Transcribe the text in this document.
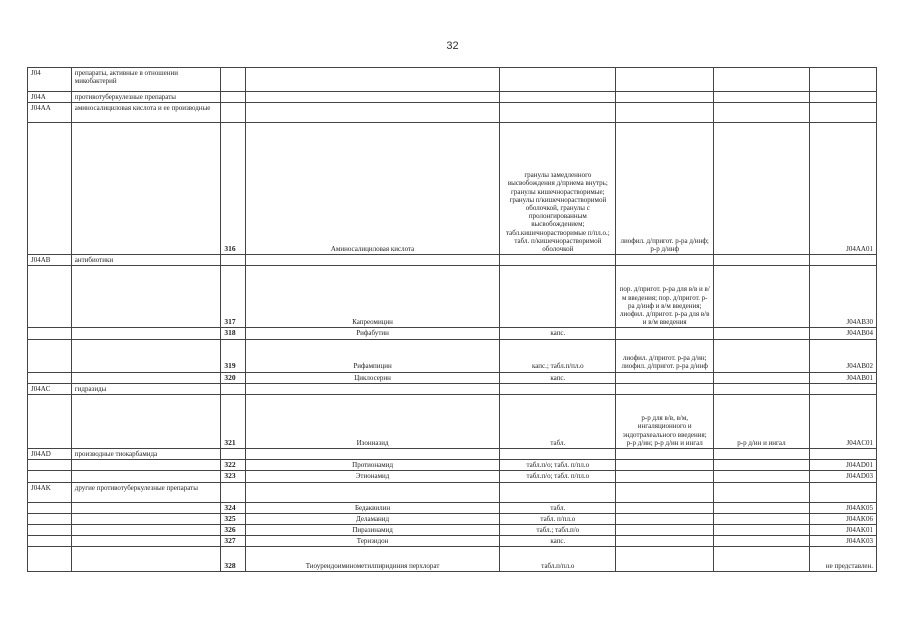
32
J04	препараты, активные в отношении микобактерий						
J04A	противотуберкулезные препараты						
J04AA	аминосалициловая кислота и ее производные						
		316	Аминосалициловая кислота	гранулы замедленного высвобождения д/приема внутрь; гранулы кишечнорастворимые; гранулы п/кишечнорастворимой оболочкой, гранулы с пролонгированным высвобождением; табл.кишечнорастворимые п/пл.о.; табл. п/кишечнорастворимой оболочкой	лиофил. д/пригот. р-ра д/инф; р-р д/инф		J04AA01
J04AB	антибиотики						
		317	Капреомицин		пор. д/пригот. р-ра для в/в и в/м введения; пор. д/пригот. р-ра д/инф и в/м введения; лиофил. д/пригот. р-ра для в/в и в/м введения		J04AB30
		318	Рифабутин	капс.			J04AB04
		319	Рифампицин	капс.; табл.п/пл.о	лиофил. д/пригот. р-ра д/ин; лиофил. д/пригот. р-ра д/инф		J04AB02
		320	Циклосерин	капс.			J04AB01
J04AC	гидразиды						
		321	Изониазид	табл.	р-р для в/в, в/м, ингаляционного и эндотрахеального введения; р-р д/ин; р-р д/ин и ингал	р-р д/ин и ингал	J04AC01
J04AD	производные тиокарбамида						
		322	Протионамид	табл.п/о; табл. п/пл.о			J04AD01
		323	Этионамид	табл.п/о; табл. п/пл.о			J04AD03
J04AK	другие противотуберкулезные препараты						
		324	Бедаквилин	табл.			J04AK05
		325	Деламанид	табл. п/пл.о			J04AK06
		326	Пиразинамид	табл.; табл.п/о			J04AK01
		327	Теризидон	капс.			J04AK03
		328	Тиоуреидоиминометилпиридиния перхлорат	табл.п/пл.о			не представлен.
